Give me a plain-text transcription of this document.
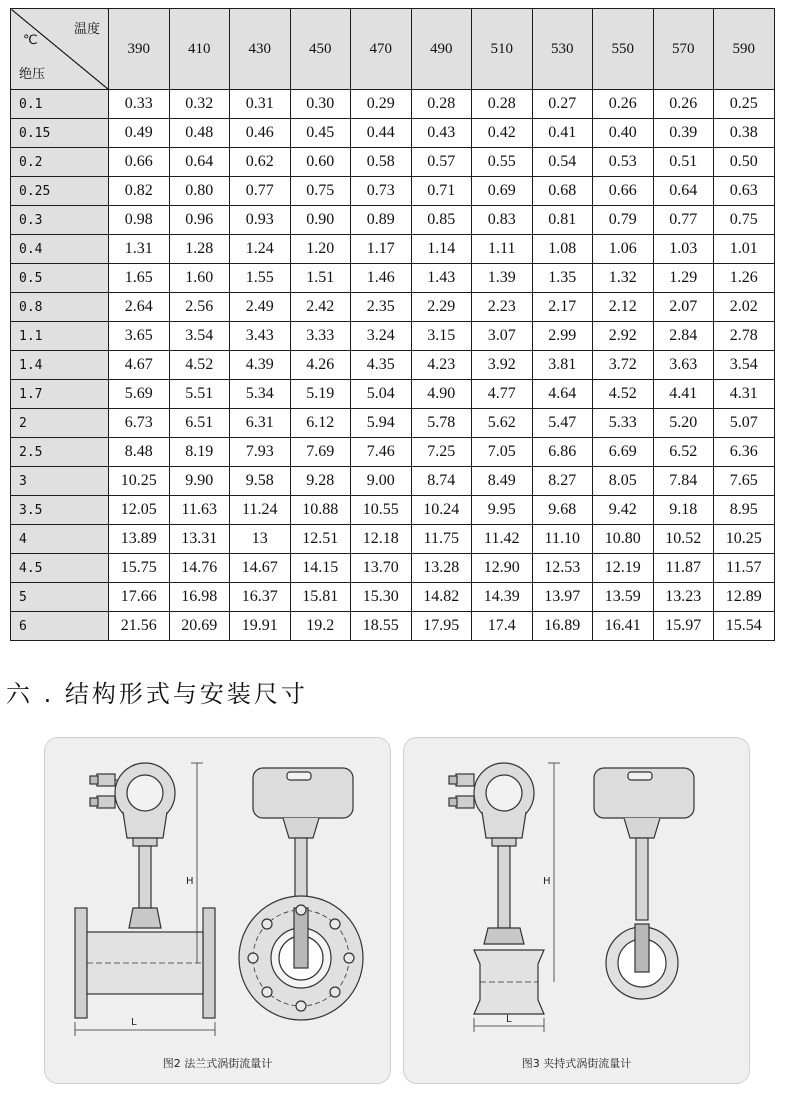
温度
℃
绝压	390	410	430	450	470	490	510	530	550	570	590
0.1	0.33	0.32	0.31	0.30	0.29	0.28	0.28	0.27	0.26	0.26	0.25
0.15	0.49	0.48	0.46	0.45	0.44	0.43	0.42	0.41	0.40	0.39	0.38
0.2	0.66	0.64	0.62	0.60	0.58	0.57	0.55	0.54	0.53	0.51	0.50
0.25	0.82	0.80	0.77	0.75	0.73	0.71	0.69	0.68	0.66	0.64	0.63
0.3	0.98	0.96	0.93	0.90	0.89	0.85	0.83	0.81	0.79	0.77	0.75
0.4	1.31	1.28	1.24	1.20	1.17	1.14	1.11	1.08	1.06	1.03	1.01
0.5	1.65	1.60	1.55	1.51	1.46	1.43	1.39	1.35	1.32	1.29	1.26
0.8	2.64	2.56	2.49	2.42	2.35	2.29	2.23	2.17	2.12	2.07	2.02
1.1	3.65	3.54	3.43	3.33	3.24	3.15	3.07	2.99	2.92	2.84	2.78
1.4	4.67	4.52	4.39	4.26	4.35	4.23	3.92	3.81	3.72	3.63	3.54
1.7	5.69	5.51	5.34	5.19	5.04	4.90	4.77	4.64	4.52	4.41	4.31
2	6.73	6.51	6.31	6.12	5.94	5.78	5.62	5.47	5.33	5.20	5.07
2.5	8.48	8.19	7.93	7.69	7.46	7.25	7.05	6.86	6.69	6.52	6.36
3	10.25	9.90	9.58	9.28	9.00	8.74	8.49	8.27	8.05	7.84	7.65
3.5	12.05	11.63	11.24	10.88	10.55	10.24	9.95	9.68	9.42	9.18	8.95
4	13.89	13.31	13	12.51	12.18	11.75	11.42	11.10	10.80	10.52	10.25
4.5	15.75	14.76	14.67	14.15	13.70	13.28	12.90	12.53	12.19	11.87	11.57
5	17.66	16.98	16.37	15.81	15.30	14.82	14.39	13.97	13.59	13.23	12.89
6	21.56	20.69	19.91	19.2	18.55	17.95	17.4	16.89	16.41	15.97	15.54
六 . 结构形式与安装尺寸
L
H
图2 法兰式涡街流量计
L
H
图3 夹持式涡街流量计
